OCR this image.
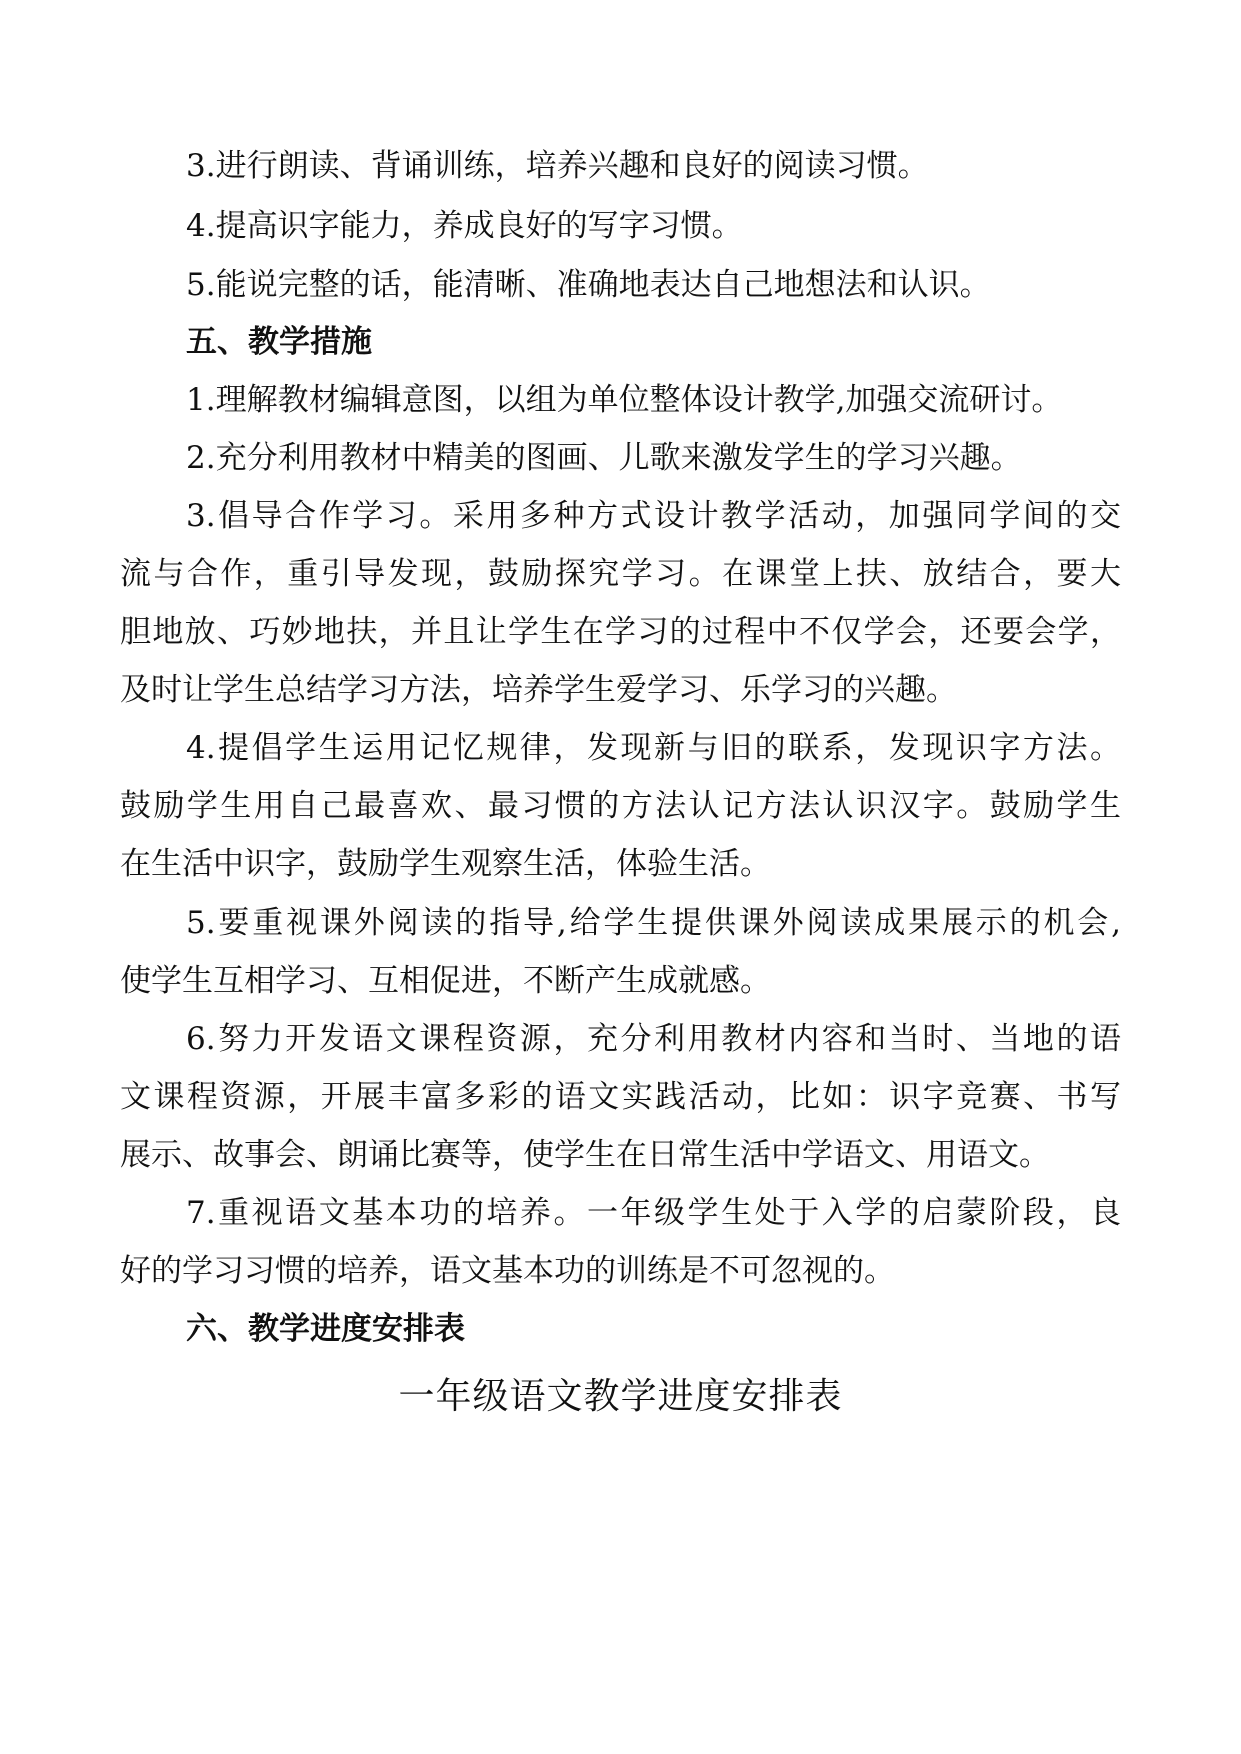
3.进行朗读、背诵训练，培养兴趣和良好的阅读习惯。
4.提高识字能力，养成良好的写字习惯。
5.能说完整的话，能清晰、准确地表达自己地想法和认识。
五、教学措施
1.理解教材编辑意图，以组为单位整体设计教学,加强交流研讨。
2.充分利用教材中精美的图画、儿歌来激发学生的学习兴趣。
3.倡导合作学习。采用多种方式设计教学活动，加强同学间的交
流与合作，重引导发现，鼓励探究学习。在课堂上扶、放结合，要大
胆地放、巧妙地扶，并且让学生在学习的过程中不仅学会，还要会学，
及时让学生总结学习方法，培养学生爱学习、乐学习的兴趣。
4.提倡学生运用记忆规律，发现新与旧的联系，发现识字方法。
鼓励学生用自己最喜欢、最习惯的方法认记方法认识汉字。鼓励学生
在生活中识字，鼓励学生观察生活，体验生活。
5.要重视课外阅读的指导,给学生提供课外阅读成果展示的机会,
使学生互相学习、互相促进，不断产生成就感。
6.努力开发语文课程资源，充分利用教材内容和当时、当地的语
文课程资源，开展丰富多彩的语文实践活动，比如：识字竞赛、书写
展示、故事会、朗诵比赛等，使学生在日常生活中学语文、用语文。
7.重视语文基本功的培养。一年级学生处于入学的启蒙阶段，良
好的学习习惯的培养，语文基本功的训练是不可忽视的。
六、教学进度安排表
一年级语文教学进度安排表
